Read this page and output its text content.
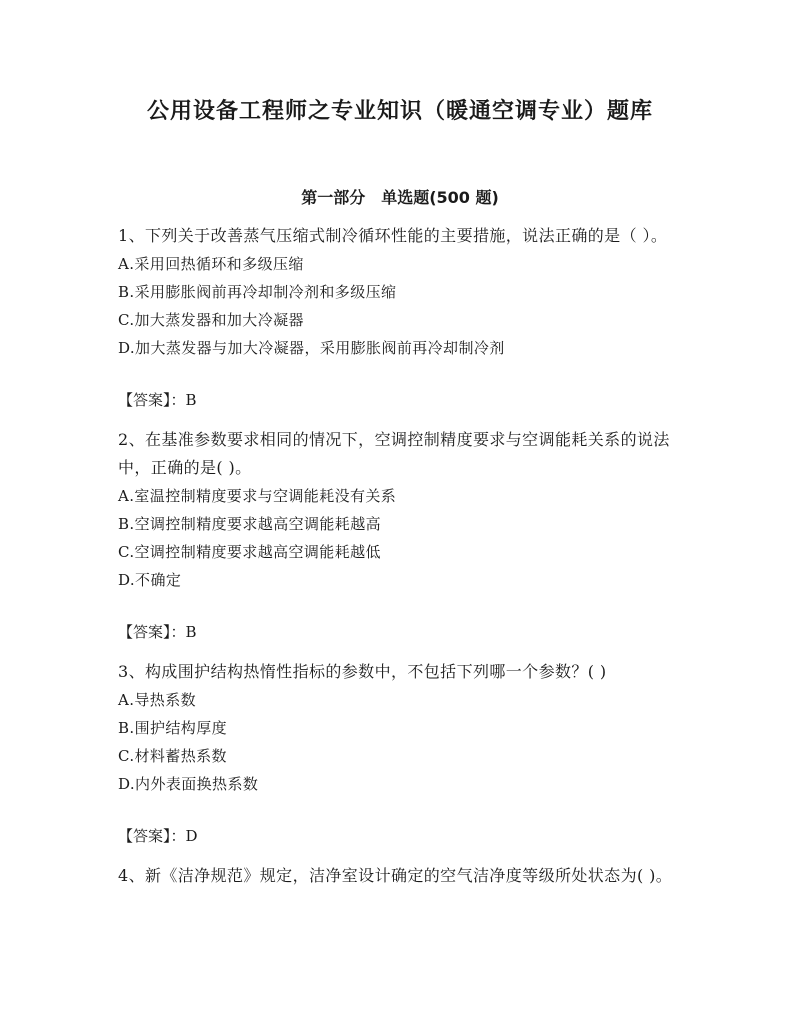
公用设备工程师之专业知识（暖通空调专业）题库
第一部分　单选题(500 题)

1、下列关于改善蒸气压缩式制冷循环性能的主要措施，说法正确的是（ ）。

A.采用回热循环和多级压缩

B.采用膨胀阀前再冷却制冷剂和多级压缩

C.加大蒸发器和加大冷凝器

D.加大蒸发器与加大冷凝器，采用膨胀阀前再冷却制冷剂

【答案】：B

2、在基准参数要求相同的情况下，空调控制精度要求与空调能耗关系的说法中，正确的是( )。

A.室温控制精度要求与空调能耗没有关系

B.空调控制精度要求越高空调能耗越高

C.空调控制精度要求越高空调能耗越低

D.不确定

【答案】：B

3、构成围护结构热惰性指标的参数中，不包括下列哪一个参数？( )

A.导热系数

B.围护结构厚度

C.材料蓄热系数

D.内外表面换热系数

【答案】：D

4、新《洁净规范》规定，洁净室设计确定的空气洁净度等级所处状态为( )。
